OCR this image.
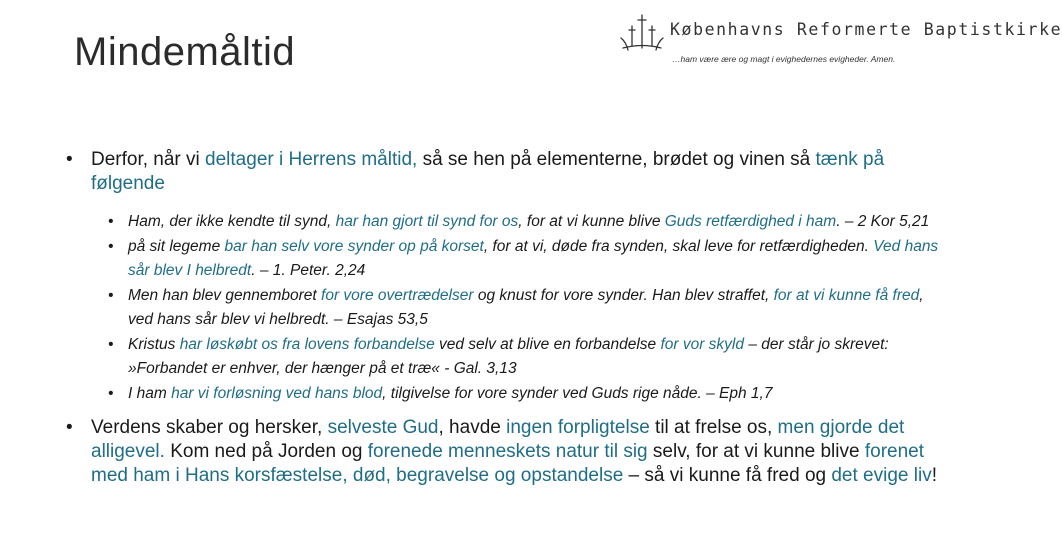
Mindemåltid
Københavns Reformerte Baptistkirke
…ham være ære og magt i evighedernes evigheder. Amen.
• Derfor, når vi deltager i Herrens måltid, så se hen på elementerne, brødet og vinen så tænk på følgende
• Ham, der ikke kendte til synd, har han gjort til synd for os, for at vi kunne blive Guds retfærdighed i ham. – 2 Kor 5,21
• på sit legeme bar han selv vore synder op på korset, for at vi, døde fra synden, skal leve for retfærdigheden. Ved hans sår blev I helbredt. – 1. Peter. 2,24
• Men han blev gennemboret for vore overtrædelser og knust for vore synder. Han blev straffet, for at vi kunne få fred, ved hans sår blev vi helbredt. – Esajas 53,5
• Kristus har løskøbt os fra lovens forbandelse ved selv at blive en forbandelse for vor skyld – der står jo skrevet: »Forbandet er enhver, der hænger på et træ« - Gal. 3,13
• I ham har vi forløsning ved hans blod, tilgivelse for vore synder ved Guds rige nåde. – Eph 1,7
• Verdens skaber og hersker, selveste Gud, havde ingen forpligtelse til at frelse os, men gjorde det alligevel. Kom ned på Jorden og forenede menneskets natur til sig selv, for at vi kunne blive forenet med ham i Hans korsfæstelse, død, begravelse og opstandelse – så vi kunne få fred og det evige liv!
